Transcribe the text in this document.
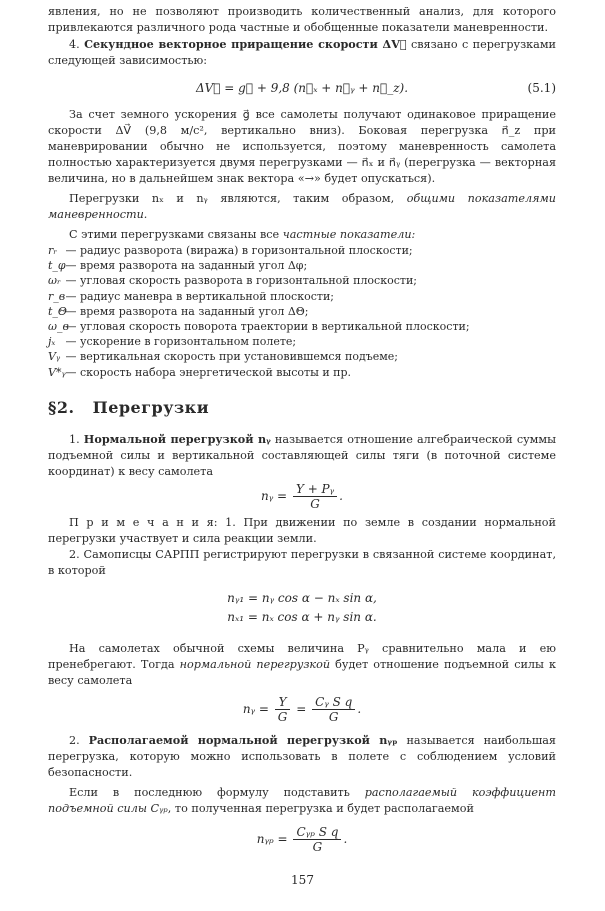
явления, но не позволяют производить количественный анализ, для которого привлекаются различного рода частные и обобщенные показатели маневренности.

4. Секундное векторное приращение скорости ΔV⃗ связано с перегрузками следующей зависимостью:

ΔV⃗ = g⃗ + 9,8 (n⃗ₓ + n⃗ᵧ + n⃗_z).	(5.1)

За счет земного ускорения g⃗ все самолеты получают одинаковое приращение скорости ΔV⃗ (9,8 м/с², вертикально вниз). Боковая перегрузка n⃗_z при маневрировании обычно не используется, поэтому маневренность самолета полностью характеризуется двумя перегрузками — n⃗ₓ и n⃗ᵧ (перегрузка — векторная величина, но в дальнейшем знак вектора «→» будет опускаться).

Перегрузки nₓ и nᵧ являются, таким образом, общими показателями маневренности.

С этими перегрузками связаны все частные показатели:

rᵣ — радиус разворота (виража) в горизонтальной плоскости;
t_φ — время разворота на заданный угол Δφ;
ωᵣ — угловая скорость разворота в горизонтальной плоскости;
r_в — радиус маневра в вертикальной плоскости;
t_Θ — время разворота на заданный угол ΔΘ;
ω_в — угловая скорость поворота траектории в вертикальной плоскости;
jₓ — ускорение в горизонтальном полете;
Vᵧ — вертикальная скорость при установившемся подъеме;
V*ᵧ — скорость набора энергетической высоты и пр.
§2. Перегрузки

1. Нормальной перегрузкой nᵧ называется отношение алгебраической суммы подъемной силы и вертикальной составляющей силы тяги (в поточной системе координат) к весу самолета

nᵧ = $\frac{\text{Y + Pᵧ}}{G}$ .

П р и м е ч а н и я: 1. При движении по земле в создании нормальной перегрузки участвует и сила реакции земли.

2. Самописцы САРПП регистрируют перегрузки в связанной системе координат, в которой

nᵧ₁ = nᵧ cos α − nₓ sin α,
nₓ₁ = nₓ cos α + nᵧ sin α.

На самолетах обычной схемы величина Pᵧ сравнительно мала и ею пренебрегают. Тогда нормальной перегрузкой будет отношение подъемной силы к весу самолета

nᵧ = $\frac{Y}{G} = \frac{\text{Cᵧ S q}}{G}$ .

2. Располагаемой нормальной перегрузкой nᵧₚ называется наибольшая перегрузка, которую можно использовать в полете с соблюдением условий безопасности.

Если в последнюю формулу подставить располагаемый коэффициент подъемной силы Cᵧₚ, то полученная перегрузка и будет располагаемой

nᵧₚ = $\frac{\text{Cᵧₚ S q}}{G}$ .
157
